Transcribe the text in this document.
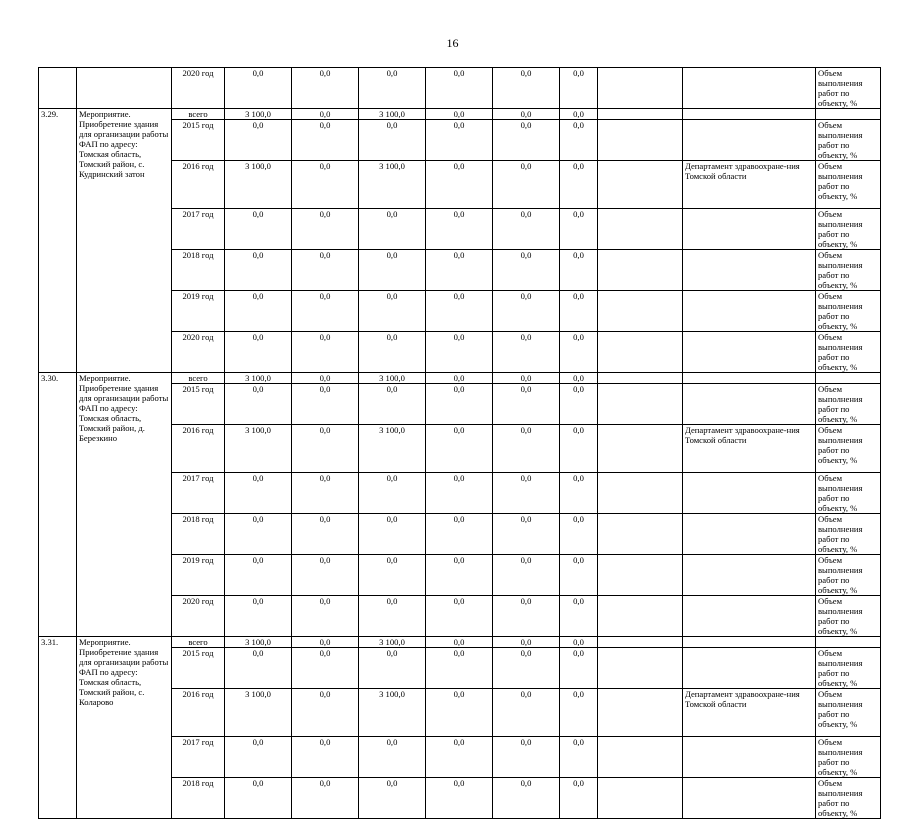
16
		2020 год	0,0	0,0	0,0	0,0	0,0	0,0			Объем выполнения работ по объекту, %	
3.29.	Мероприятие. Приобретение здания для организации работы ФАП по адресу: Томская область, Томский район, с. Кудринский затон	всего	3 100,0	0,0	3 100,0	0,0	0,0	0,0				
		2015 год	0,0	0,0	0,0	0,0	0,0	0,0			Объем выполнения работ по объекту, %	
		2016 год	3 100,0	0,0	3 100,0	0,0	0,0	0,0		Департамент здравоохране-ния Томской области	Объем выполнения работ по объекту, %	
		2017 год	0,0	0,0	0,0	0,0	0,0	0,0			Объем выполнения работ по объекту, %	
		2018 год	0,0	0,0	0,0	0,0	0,0	0,0			Объем выполнения работ по объекту, %	
		2019 год	0,0	0,0	0,0	0,0	0,0	0,0			Объем выполнения работ по объекту, %	
		2020 год	0,0	0,0	0,0	0,0	0,0	0,0			Объем выполнения работ по объекту, %	
3.30.	Мероприятие. Приобретение здания для организации работы ФАП по адресу: Томская область, Томский район, д. Березкино	всего	3 100,0	0,0	3 100,0	0,0	0,0	0,0				
		2015 год	0,0	0,0	0,0	0,0	0,0	0,0			Объем выполнения работ по объекту, %	
		2016 год	3 100,0	0,0	3 100,0	0,0	0,0	0,0		Департамент здравоохране-ния Томской области	Объем выполнения работ по объекту, %	
		2017 год	0,0	0,0	0,0	0,0	0,0	0,0			Объем выполнения работ по объекту, %	
		2018 год	0,0	0,0	0,0	0,0	0,0	0,0			Объем выполнения работ по объекту, %	
		2019 год	0,0	0,0	0,0	0,0	0,0	0,0			Объем выполнения работ по объекту, %	
		2020 год	0,0	0,0	0,0	0,0	0,0	0,0			Объем выполнения работ по объекту, %	
3.31.	Мероприятие. Приобретение здания для организации работы ФАП по адресу: Томская область, Томский район, с. Коларово	всего	3 100,0	0,0	3 100,0	0,0	0,0	0,0				
		2015 год	0,0	0,0	0,0	0,0	0,0	0,0			Объем выполнения работ по объекту, %	
		2016 год	3 100,0	0,0	3 100,0	0,0	0,0	0,0		Департамент здравоохране-ния Томской области	Объем выполнения работ по объекту, %	
		2017 год	0,0	0,0	0,0	0,0	0,0	0,0			Объем выполнения работ по объекту, %	
		2018 год	0,0	0,0	0,0	0,0	0,0	0,0			Объем выполнения работ по объекту, %	
